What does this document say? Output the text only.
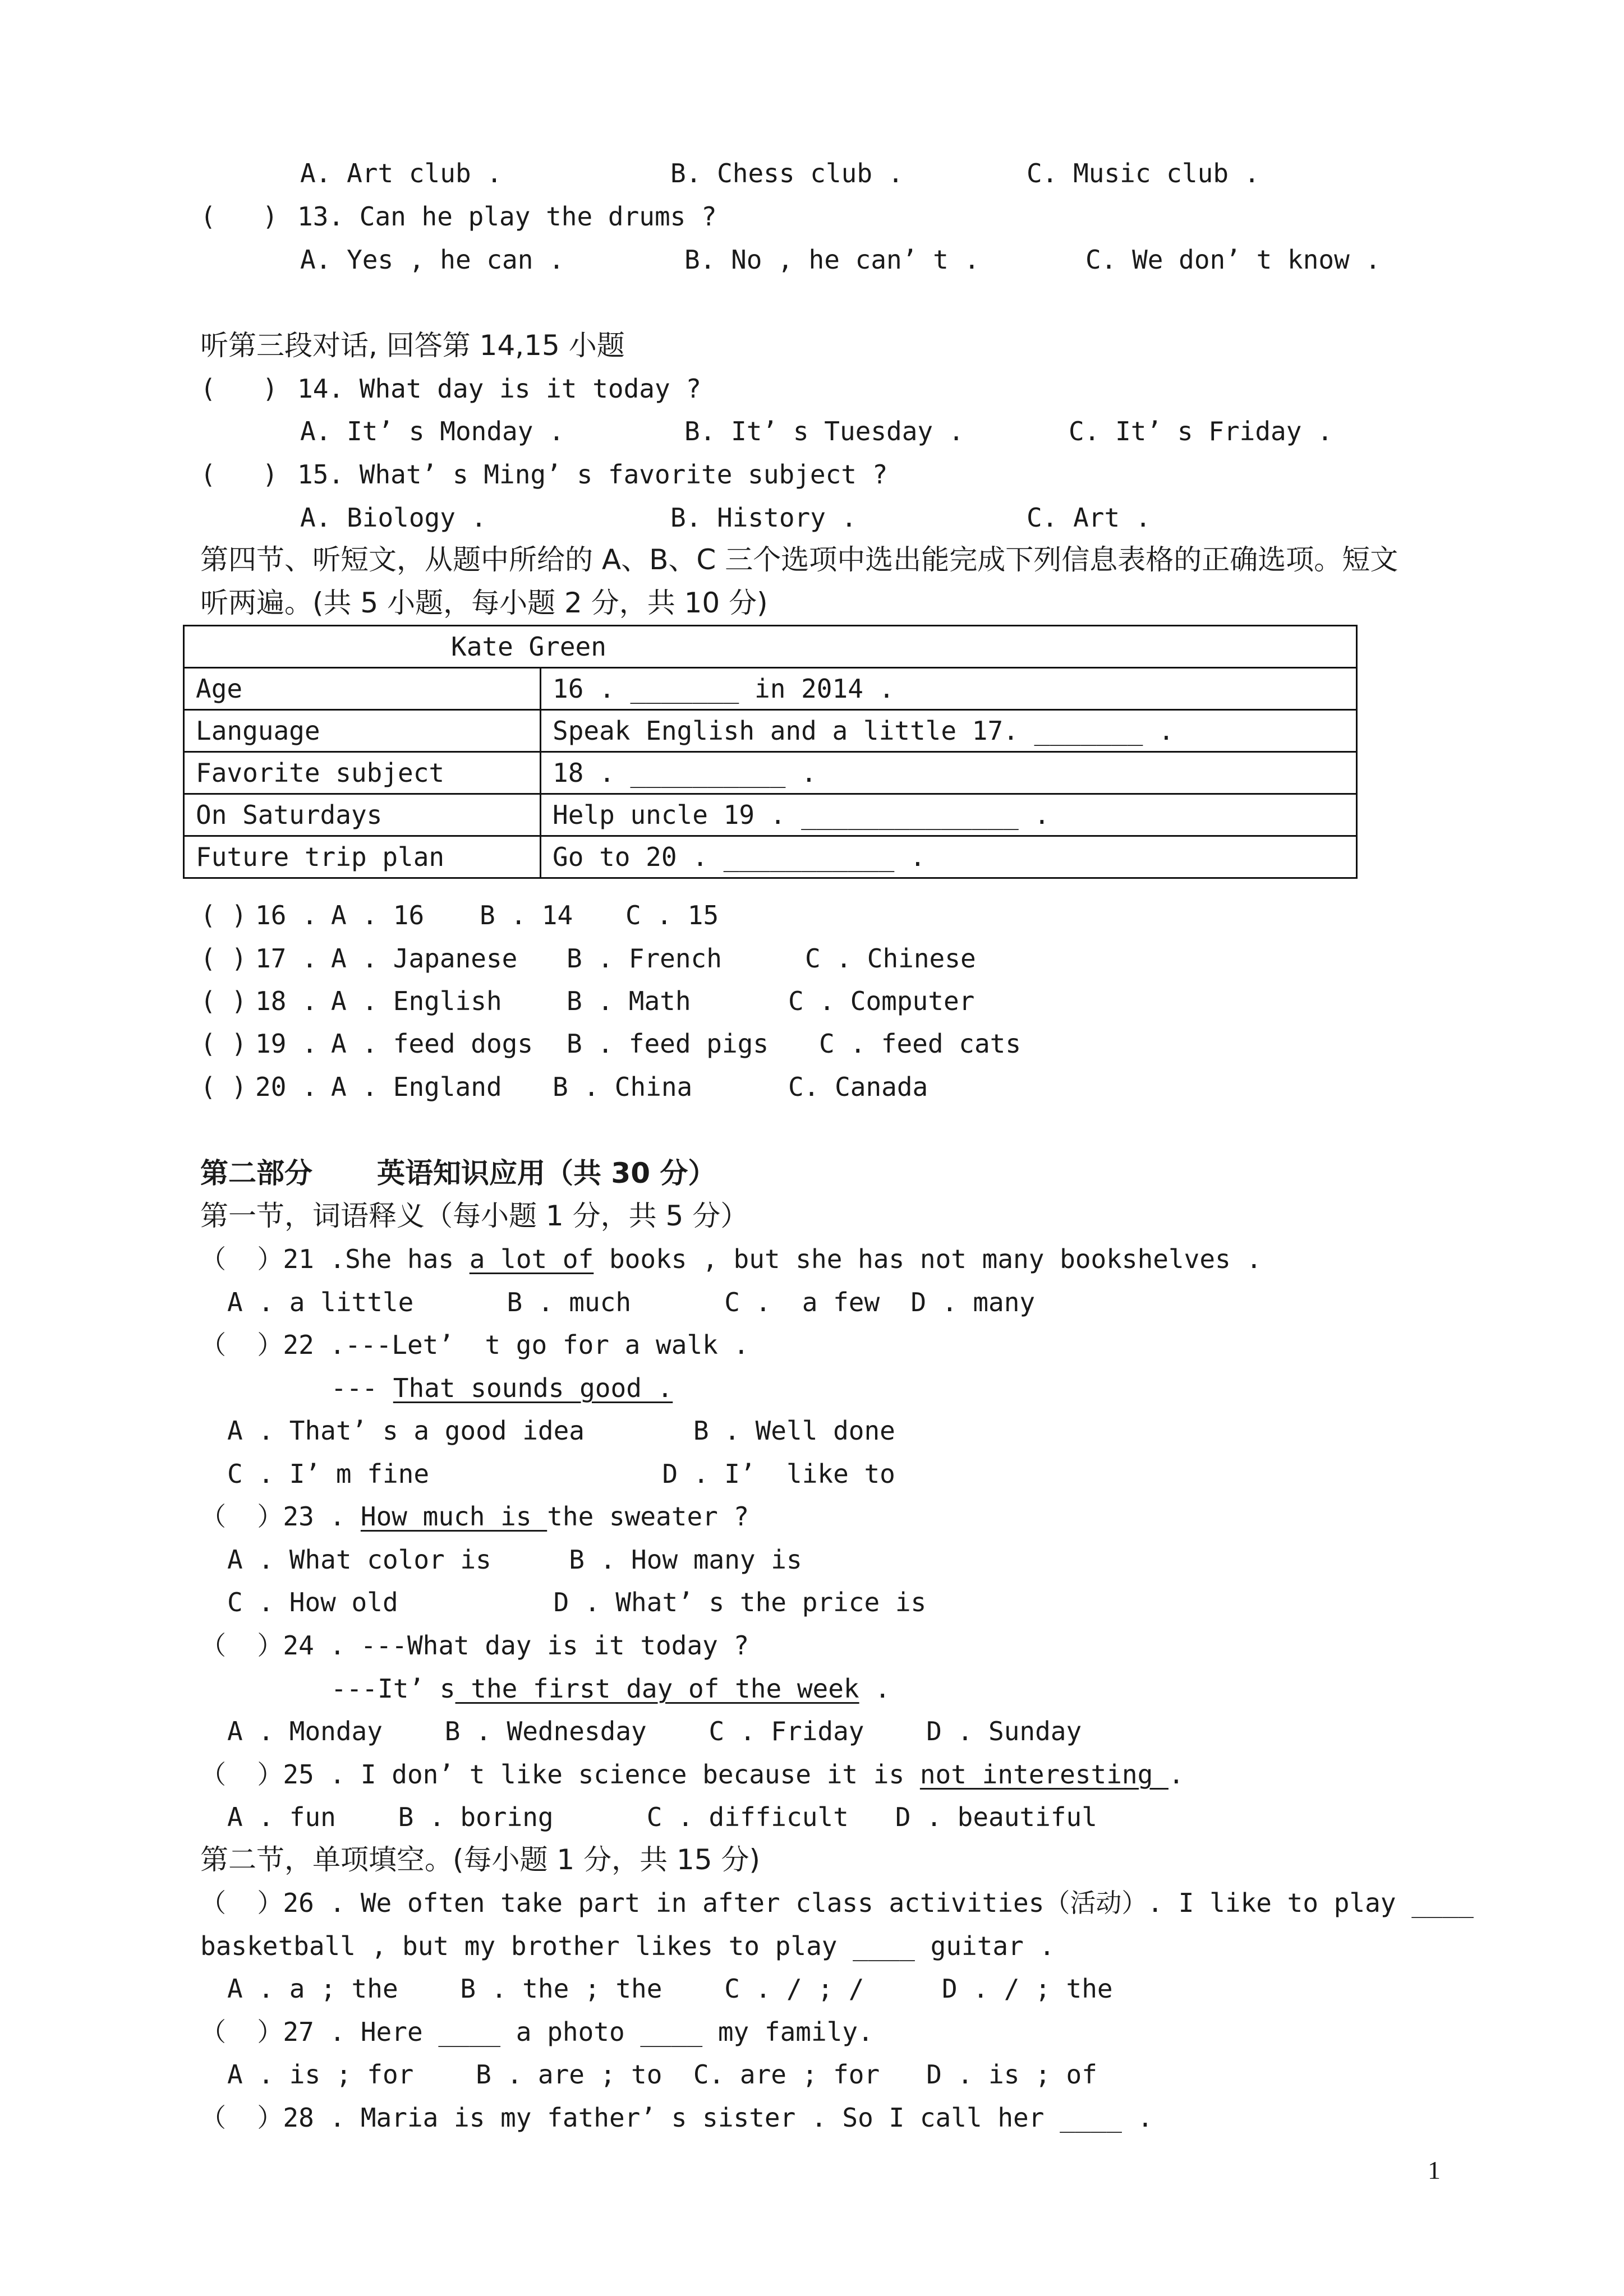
A. Art club .	B. Chess club .	C. Music club .
(   ) 13. Can he play the drums ?
A. Yes , he can .	B. No , he can’ t .	C. We don’ t know .
听第三段对话, 回答第 14,15 小题
(   ) 14. What day is it today ?
A. It’ s Monday .	B. It’ s Tuesday .	C. It’ s Friday .
(   ) 15. What’ s Ming’ s favorite subject ?
A. Biology .	B. History .	C. Art .
第四节、听短文，从题中所给的 A、B、C 三个选项中选出能完成下列信息表格的正确选项。短文
听两遍。(共 5 小题，每小题 2 分，共 10 分)
Kate Green	
Age	16 . _______ in 2014 .
Language	Speak English and a little 17. _______ .
Favorite subject	18 . __________ .
On Saturdays	Help uncle 19 . ______________ .
Future trip plan	Go to 20 . ___________ .
( ) 16 . A . 16 B . 14 C . 15
( ) 17 . A . Japanese B . French	C . Chinese
( ) 18 . A . English	B . Math	C . Computer
( ) 19 . A . feed dogs B . feed pigs C . feed cats
( ) 20 . A . England B . China	C. Canada
第二部分 英语知识应用（共 30 分）
第一节，词语释义（每小题 1 分，共 5 分）
（  ）21 .She has a lot of books , but she has not many bookshelves .
A . a little      B . much      C .  a few  D . many
（  ）22 .---Let’  t go for a walk .
--- That sounds good .
A . That’ s a good idea       B . Well done
C . I’ m fine               D . I’  like to
（  ）23 . How much is the sweater ?
A . What color is     B . How many is
C . How old          D . What’ s the price is
（  ）24 . ---What day is it today ?
---It’ s the first day of the week .
A . Monday    B . Wednesday    C . Friday    D . Sunday
（  ）25 . I don’ t like science because it is not interesting .
A . fun    B . boring      C . difficult   D . beautiful
第二节，单项填空。(每小题 1 分，共 15 分)
（  ）26 . We often take part in after class activities（活动）. I like to play ____
basketball , but my brother likes to play ____ guitar .
A . a ; the    B . the ; the    C . / ; /     D . / ; the
（  ）27 . Here ____ a photo ____ my family.
A . is ; for    B . are ; to  C. are ; for   D . is ; of
（  ）28 . Maria is my father’ s sister . So I call her ____ .
1
